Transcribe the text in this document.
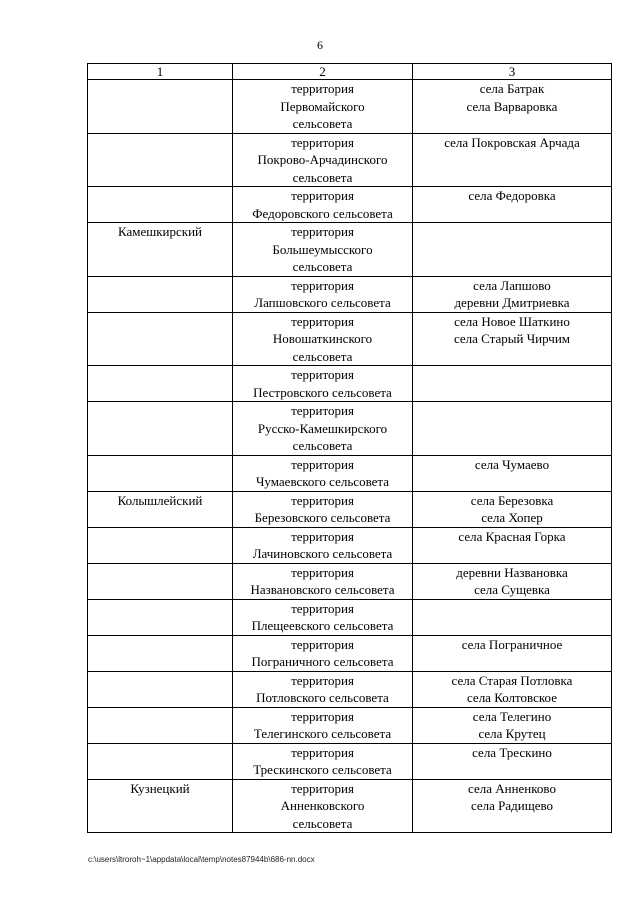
6
1	2	3

	территория
Первомайского
сельсовета	села Батрак
села Варваровка

	территория
Покрово-Арчадинского
сельсовета	села Покровская Арчада

	территория
Федоровского сельсовета	села Федоровка

Камешкирский	территория
Большеумысского
сельсовета	

	территория
Лапшовского сельсовета	села Лапшово
деревни Дмитриевка

	территория
Новошаткинского
сельсовета	села Новое Шаткино
села Старый Чирчим

	территория
Пестровского сельсовета	

	территория
Русско-Камешкирского
сельсовета	

	территория
Чумаевского сельсовета	села Чумаево

Колышлейский	территория
Березовского сельсовета	села Березовка
села Хопер

	территория
Лачиновского сельсовета	села Красная Горка

	территория
Названовского сельсовета	деревни Названовка
села Сущевка

	территория
Плещеевского сельсовета	

	территория
Пограничного сельсовета	села Пограничное

	территория
Потловского сельсовета	села Старая Потловка
села Колтовское

	территория
Телегинского сельсовета	села Телегино
села Крутец

	территория
Трескинского сельсовета	села Трескино

Кузнецкий	территория
Анненковского
сельсовета	села Анненково
села Радищево
c:\users\ltroroh~1\appdata\local\temp\notes87944b\686-nn.docx
